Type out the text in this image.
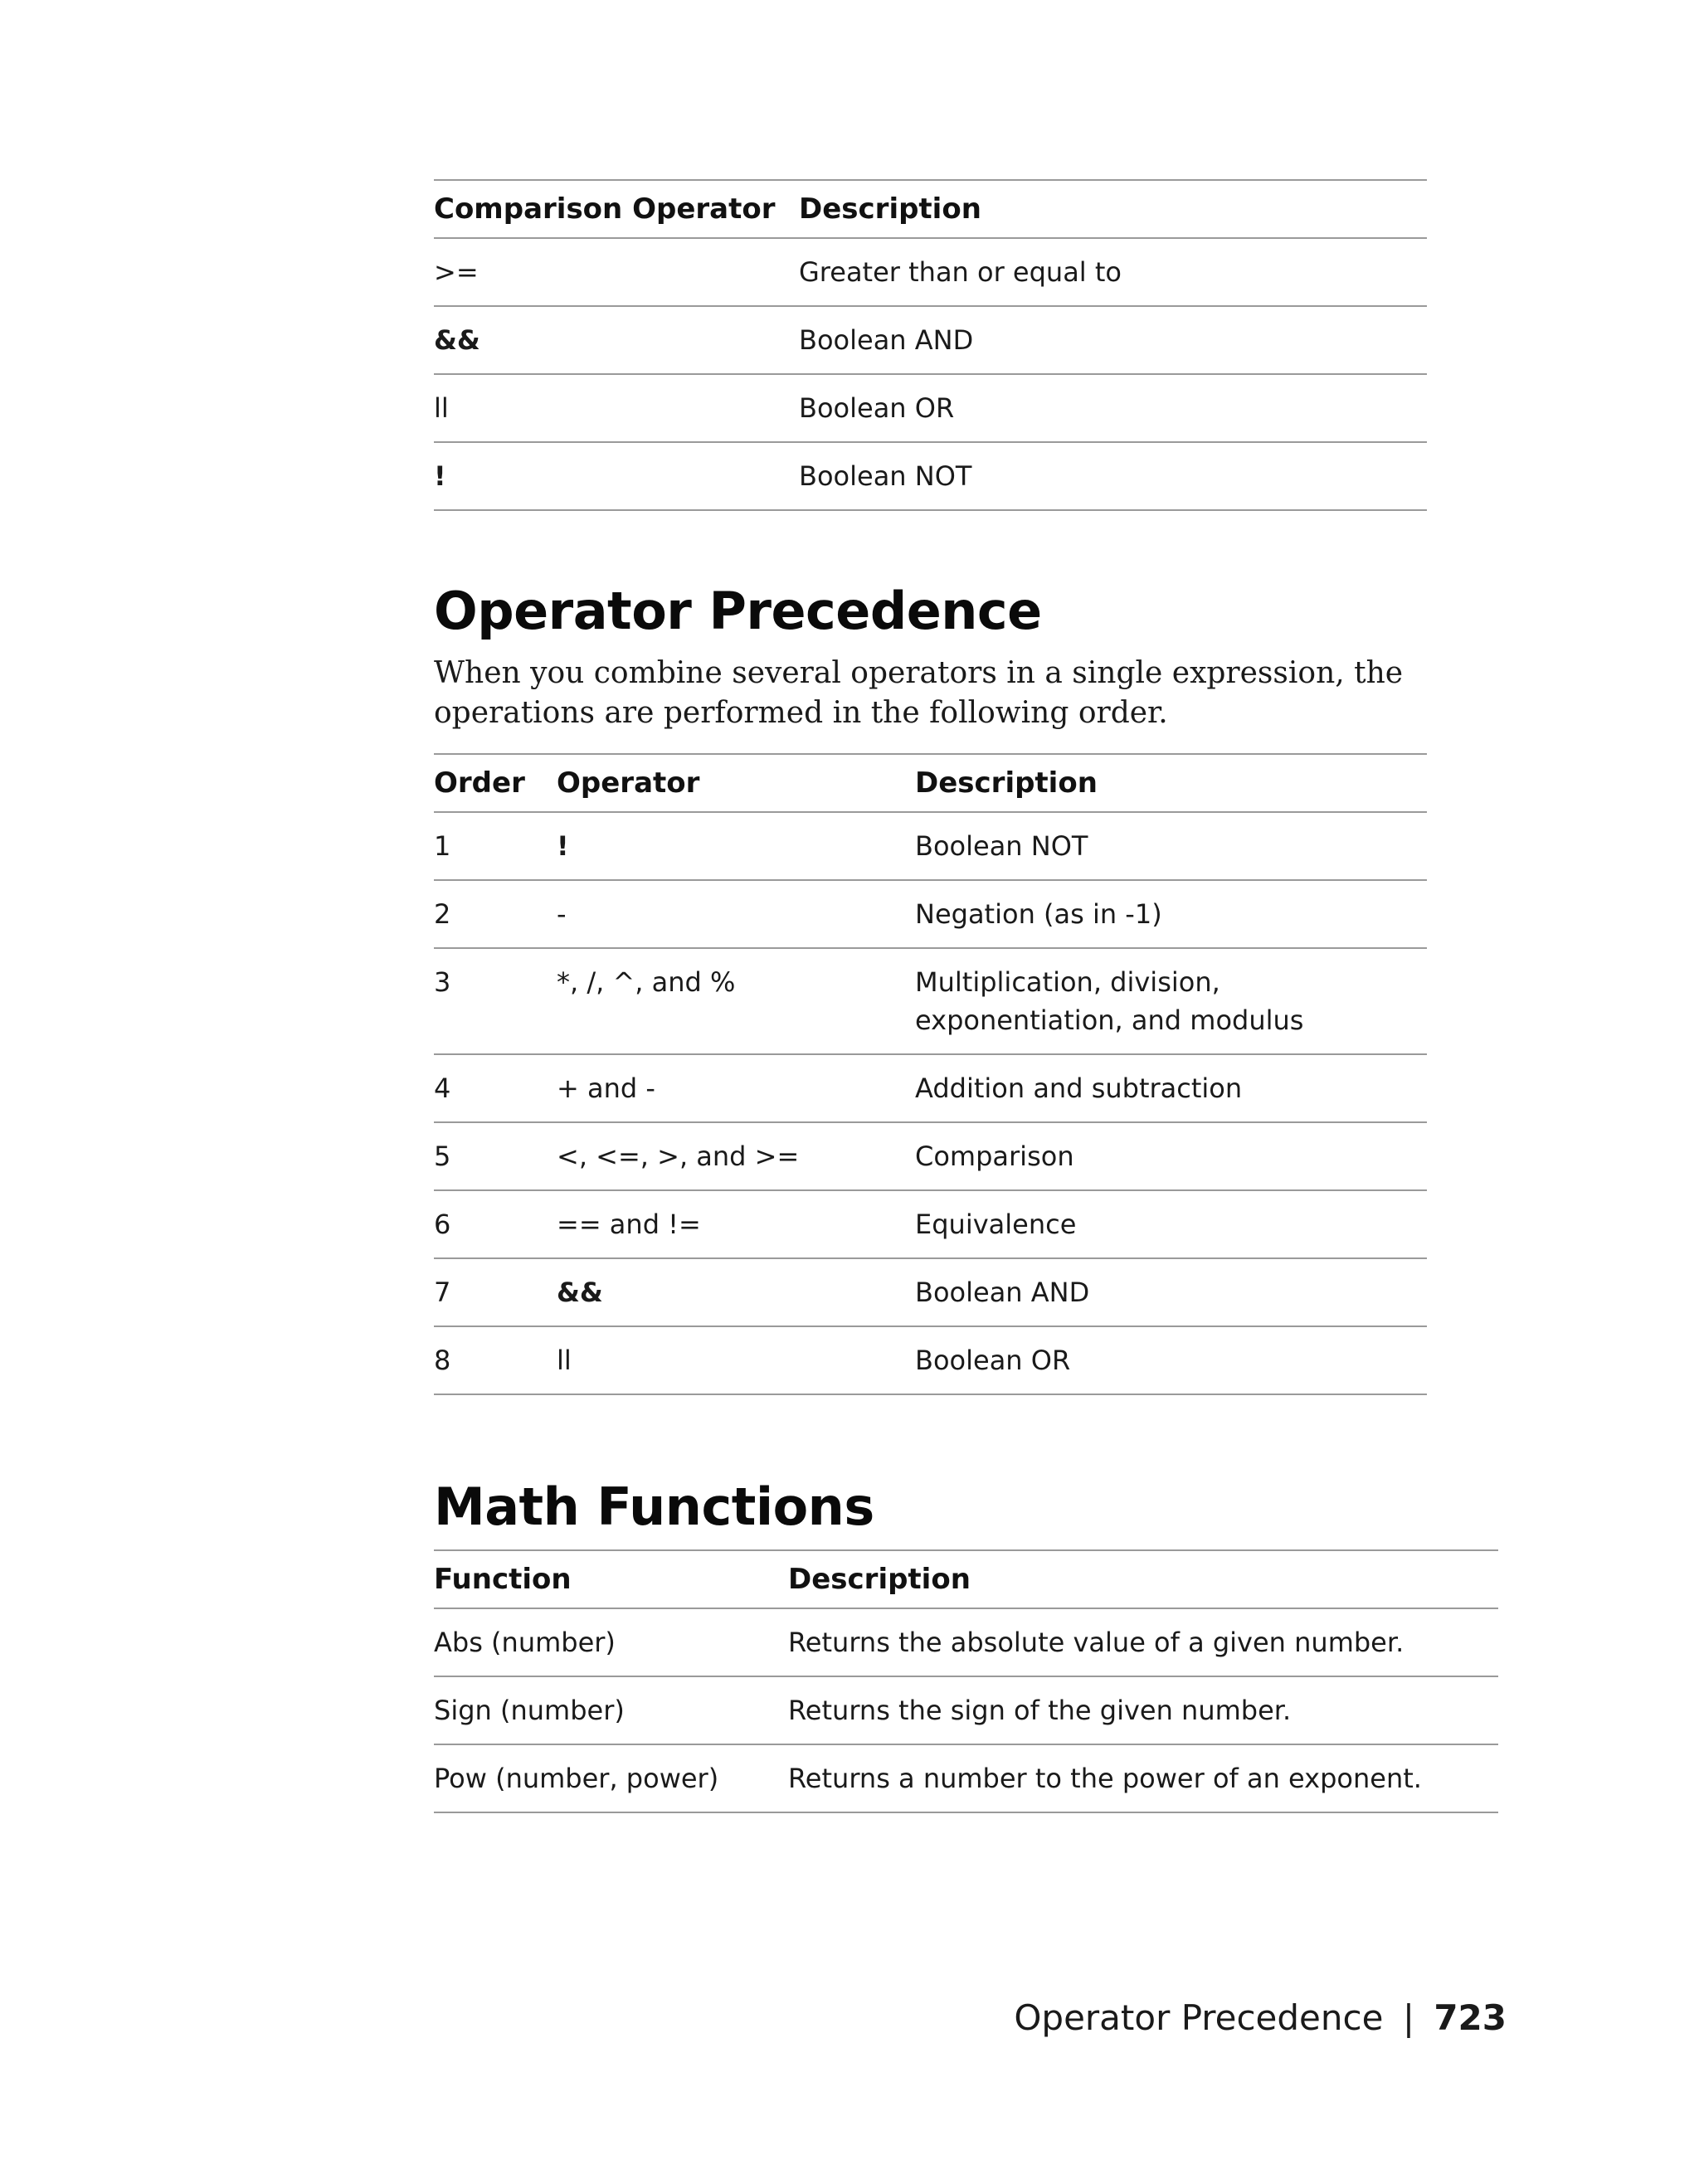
Comparison Operator	Description
>=	Greater than or equal to
&&	Boolean AND
ll	Boolean OR
!	Boolean NOT
Operator Precedence

When you combine several operators in a single expression, the operations are performed in the following order.

Order	Operator	Description
1	!	Boolean NOT
2	-	Negation (as in -1)
3	*, /, ^, and %	Multiplication, division, exponentiation, and modulus
4	+ and -	Addition and subtraction
5	<, <=, >, and >=	Comparison
6	== and !=	Equivalence
7	&&	Boolean AND
8	ll	Boolean OR
Math Functions
Function	Description
Abs (number)	Returns the absolute value of a given number.
Sign (number)	Returns the sign of the given number.
Pow (number, power)	Returns a number to the power of an exponent.
Operator Precedence | 723
